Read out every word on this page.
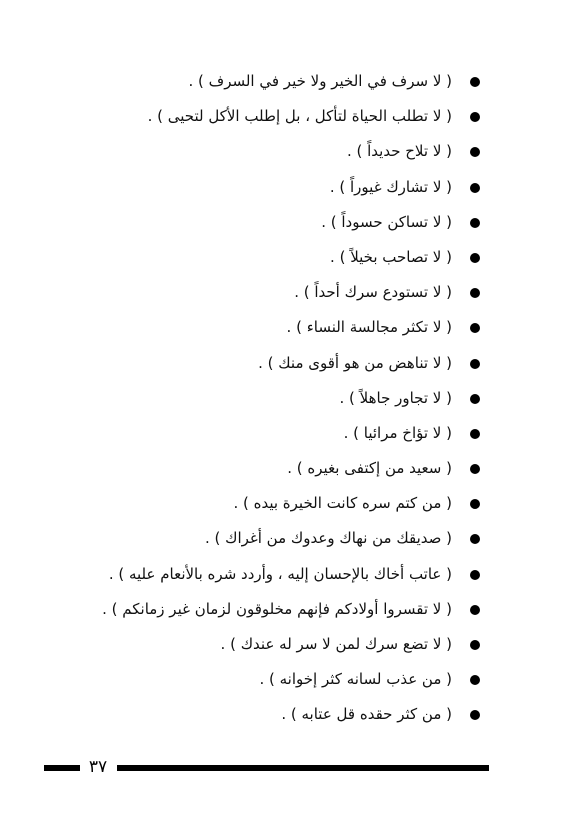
( لا سرف في الخير ولا خير في السرف ) .
( لا تطلب الحياة لتأكل ، بل إطلب الأكل لتحيى ) .
( لا تلاح حديداً ) .
( لا تشارك غيوراً ) .
( لا تساكن حسوداً ) .
( لا تصاحب بخيلاً ) .
( لا تستودع سرك أحداً ) .
( لا تكثر مجالسة النساء ) .
( لا تناهض من هو أقوى منك ) .
( لا تجاور جاهلاً ) .
( لا تؤاخ مرائيا ) .
( سعيد من إكتفى بغيره ) .
( من كتم سره كانت الخيرة بيده ) .
( صديقك من نهاك وعدوك من أغراك ) .
( عاتب أخاك بالإحسان إليه ، وأردد شره بالأنعام عليه ) .
( لا تقسروا أولادكم فإنهم مخلوقون لزمان غير زمانكم ) .
( لا تضع سرك لمن لا سر له عندك ) .
( من عذب لسانه كثر إخوانه ) .
( من كثر حقده قل عتابه ) .
٣٧
